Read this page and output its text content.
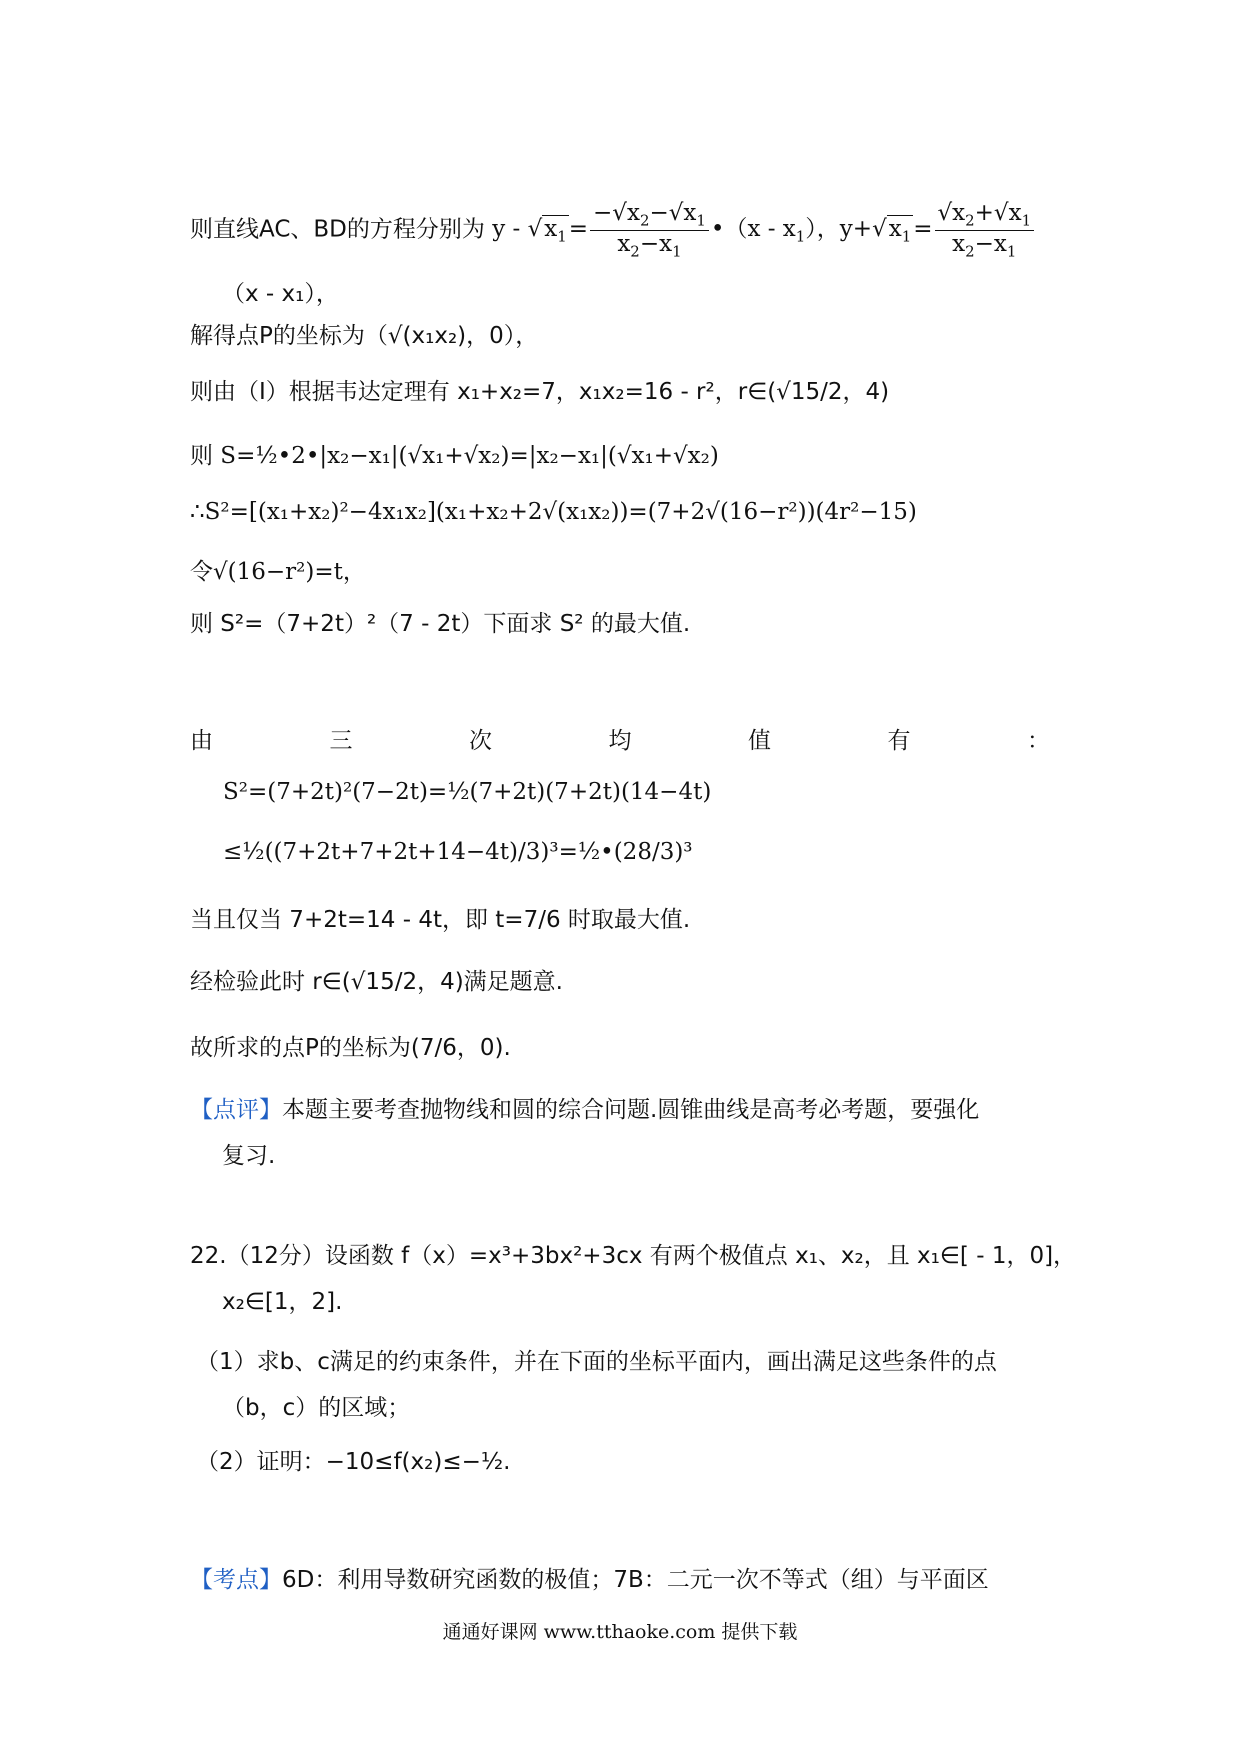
则直线AC、BD的方程分别为 $y - √x_1= \frac{-√x_2-√x_1}{x_2-x_1}$ •（x - $x_1$），$y+√x_1= \frac{√x_2+√x_1}{x_2-x_1}$
（x - x₁），
解得点P的坐标为（√(x₁x₂)，0），
则由（I）根据韦达定理有 x₁+x₂=7，x₁x₂=16 - r²，r∈(√15/2，4)
则 S=½•2•|x₂−x₁|(√x₁+√x₂)=|x₂−x₁|(√x₁+√x₂)
∴S²=[(x₁+x₂)²−4x₁x₂](x₁+x₂+2√(x₁x₂))=(7+2√(16−r²))(4r²−15)
令√(16−r²)=t，
则 S²=（7+2t）²（7 - 2t）下面求 S² 的最大值.
由	三	次	均	值	有	：
S²=(7+2t)²(7−2t)=½(7+2t)(7+2t)(14−4t)
≤½((7+2t+7+2t+14−4t)/3)³=½•(28/3)³
当且仅当 7+2t=14 - 4t，即 t=7/6 时取最大值.
经检验此时 r∈(√15/2，4)满足题意.
故所求的点P的坐标为(7/6，0).
【点评】本题主要考查抛物线和圆的综合问题.圆锥曲线是高考必考题，要强化
复习.
22.（12分）设函数 f（x）=x³+3bx²+3cx 有两个极值点 x₁、x₂，且 x₁∈[ - 1，0]，
x₂∈[1，2].
（1）求b、c满足的约束条件，并在下面的坐标平面内，画出满足这些条件的点
（b，c）的区域；
（2）证明：−10≤f(x₂)≤−½.
【考点】6D：利用导数研究函数的极值；7B：二元一次不等式（组）与平面区
通通好课网 www.tthaoke.com 提供下载
